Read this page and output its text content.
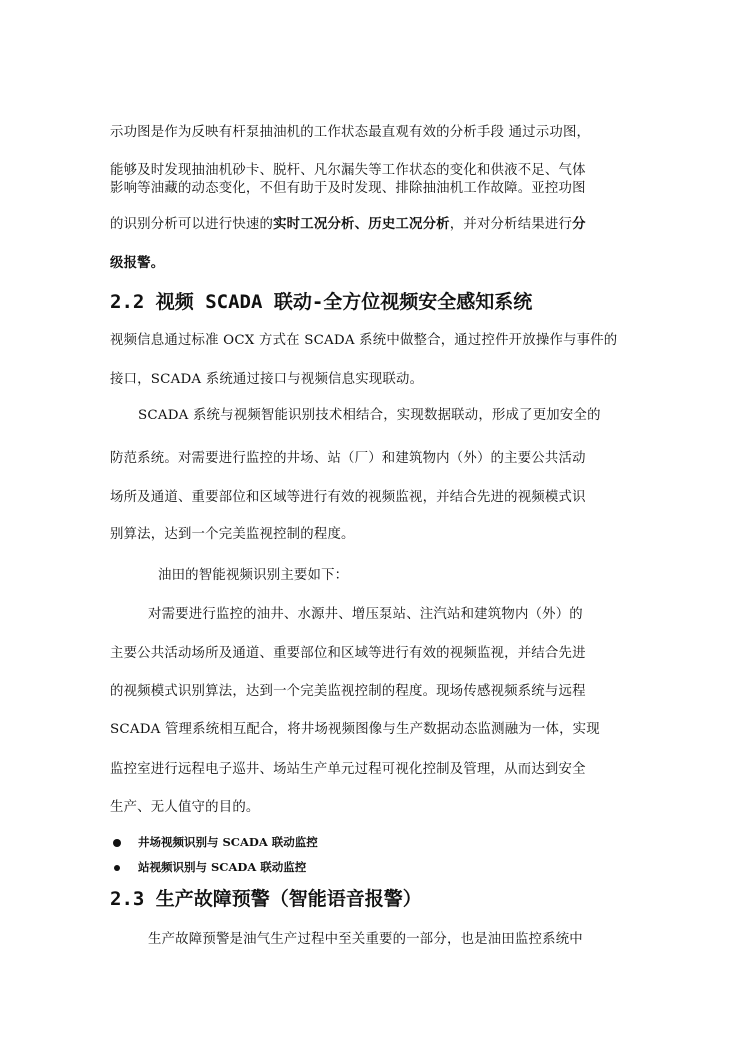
示功图是作为反映有杆泵抽油机的工作状态最直观有效的分析手段 通过示功图，
能够及时发现抽油机砂卡、脱杆、凡尔漏失等工作状态的变化和供液不足、气体
影响等油藏的动态变化，不但有助于及时发现、排除抽油机工作故障。亚控功图
的识别分析可以进行快速的实时工况分析、历史工况分析，并对分析结果进行分
级报警。
2.2 视频 SCADA 联动-全方位视频安全感知系统
视频信息通过标准 OCX 方式在 SCADA 系统中做整合，通过控件开放操作与事件的
接口，SCADA 系统通过接口与视频信息实现联动。
SCADA 系统与视频智能识别技术相结合，实现数据联动，形成了更加安全的
防范系统。对需要进行监控的井场、站（厂）和建筑物内（外）的主要公共活动
场所及通道、重要部位和区域等进行有效的视频监视，并结合先进的视频模式识
别算法，达到一个完美监视控制的程度。
油田的智能视频识别主要如下：
对需要进行监控的油井、水源井、增压泵站、注汽站和建筑物内（外）的
主要公共活动场所及通道、重要部位和区域等进行有效的视频监视，并结合先进
的视频模式识别算法，达到一个完美监视控制的程度。现场传感视频系统与远程
SCADA 管理系统相互配合，将井场视频图像与生产数据动态监测融为一体，实现
监控室进行远程电子巡井、场站生产单元过程可视化控制及管理，从而达到安全
生产、无人值守的目的。
井场视频识别与 SCADA 联动监控
站视频识别与 SCADA 联动监控
2.3 生产故障预警（智能语音报警）
生产故障预警是油气生产过程中至关重要的一部分，也是油田监控系统中
